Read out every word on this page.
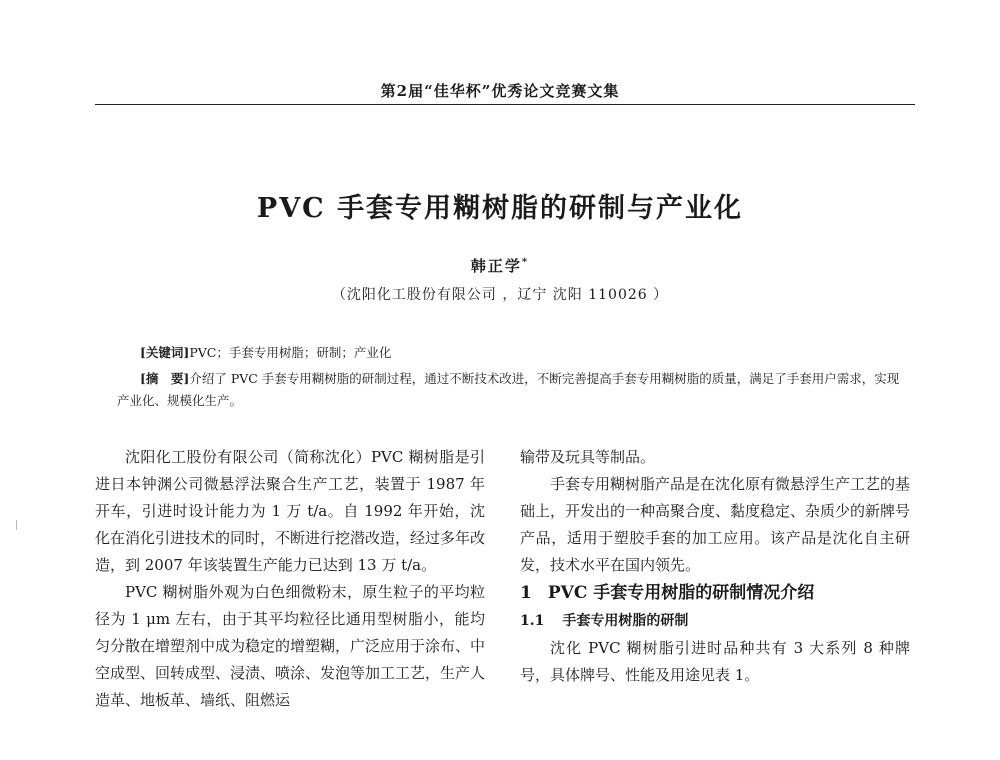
第2届“佳华杯”优秀论文竞赛文集
PVC 手套专用糊树脂的研制与产业化
韩正学*
（沈阳化工股份有限公司 ，辽宁 沈阳 110026 ）
[关键词]PVC；手套专用树脂；研制；产业化
[摘　要]介绍了 PVC 手套专用糊树脂的研制过程，通过不断技术改进，不断完善提高手套专用糊树脂的质量，满足了手套用户需求，实现产业化、规模化生产。

沈阳化工股份有限公司（简称沈化）PVC 糊树脂是引进日本钟渊公司微悬浮法聚合生产工艺，装置于 1987 年开车，引进时设计能力为 1 万 t/a。自 1992 年开始，沈化在消化引进技术的同时，不断进行挖潜改造，经过多年改造，到 2007 年该装置生产能力已达到 13 万 t/a。

PVC 糊树脂外观为白色细微粉末，原生粒子的平均粒径为 1 μm 左右，由于其平均粒径比通用型树脂小，能均匀分散在增塑剂中成为稳定的增塑糊，广泛应用于涂布、中空成型、回转成型、浸渍、喷涂、发泡等加工工艺，生产人造革、地板革、墙纸、阻燃运

输带及玩具等制品。

手套专用糊树脂产品是在沈化原有微悬浮生产工艺的基础上，开发出的一种高聚合度、黏度稳定、杂质少的新牌号产品，适用于塑胶手套的加工应用。该产品是沈化自主研发，技术水平在国内领先。

1 PVC 手套专用树脂的研制情况介绍
1.1 手套专用树脂的研制

沈化 PVC 糊树脂引进时品种共有 3 大系列 8 种牌号，具体牌号、性能及用途见表 1。
